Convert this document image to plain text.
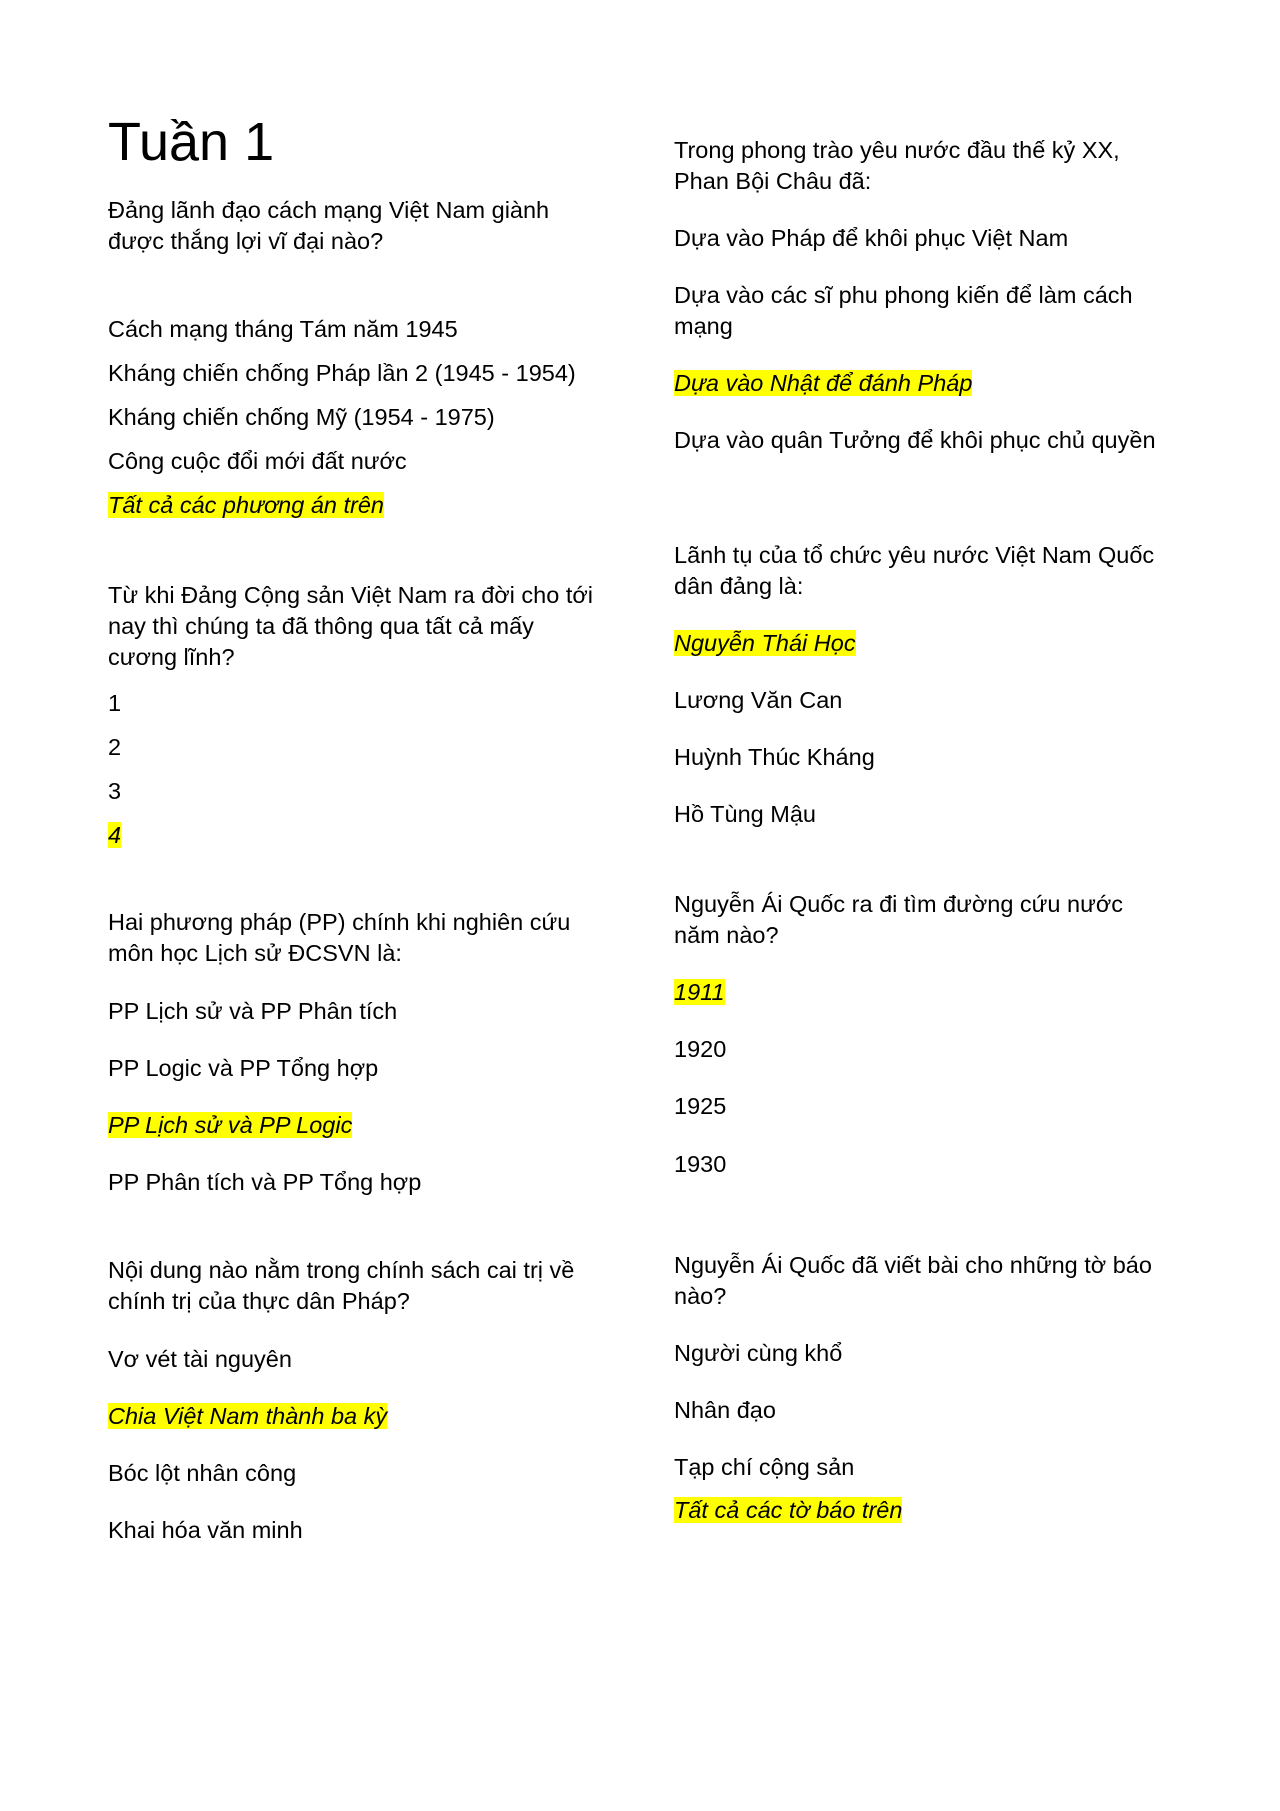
Tuần 1

Đảng lãnh đạo cách mạng Việt Nam giành được thắng lợi vĩ đại nào?

Cách mạng tháng Tám năm 1945

Kháng chiến chống Pháp lần 2 (1945 - 1954)

Kháng chiến chống Mỹ (1954 - 1975)

Công cuộc đổi mới đất nước

Tất cả các phương án trên

Từ khi Đảng Cộng sản Việt Nam ra đời cho tới nay thì chúng ta đã thông qua tất cả mấy cương lĩnh?

1

2

3

4

Hai phương pháp (PP) chính khi nghiên cứu môn học Lịch sử ĐCSVN là:

PP Lịch sử và PP Phân tích

PP Logic và PP Tổng hợp

PP Lịch sử và PP Logic

PP Phân tích và PP Tổng hợp

Nội dung nào nằm trong chính sách cai trị về chính trị của thực dân Pháp?

Vơ vét tài nguyên

Chia Việt Nam thành ba kỳ

Bóc lột nhân công

Khai hóa văn minh

Trong phong trào yêu nước đầu thế kỷ XX, Phan Bội Châu đã:

Dựa vào Pháp để khôi phục Việt Nam

Dựa vào các sĩ phu phong kiến để làm cách mạng

Dựa vào Nhật để đánh Pháp

Dựa vào quân Tưởng để khôi phục chủ quyền

Lãnh tụ của tổ chức yêu nước Việt Nam Quốc dân đảng là:

Nguyễn Thái Học

Lương Văn Can

Huỳnh Thúc Kháng

Hồ Tùng Mậu

Nguyễn Ái Quốc ra đi tìm đường cứu nước năm nào?

1911

1920

1925

1930

Nguyễn Ái Quốc đã viết bài cho những tờ báo nào?

Người cùng khổ

Nhân đạo

Tạp chí cộng sản

Tất cả các tờ báo trên
